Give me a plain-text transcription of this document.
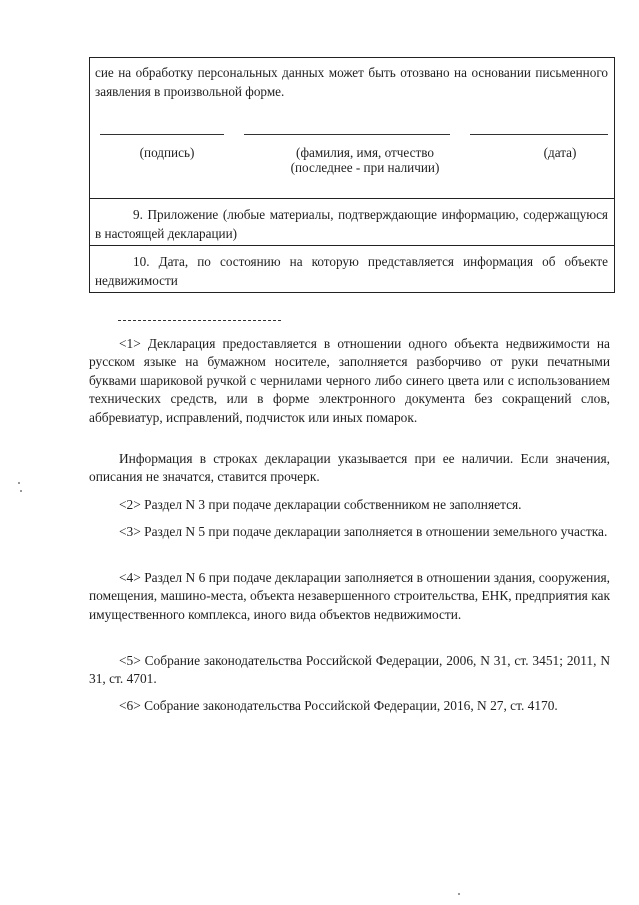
сие на обработку персональных данных может быть отозвано на основании письменного заявления в произвольной форме.
(подпись)	(фамилия, имя, отчество (последнее - при наличии)
(дата)
9. Приложение (любые материалы, подтверждающие информацию, содержащуюся в настоящей декларации)
10. Дата, по состоянию на которую представляется информация об объекте недвижимости
<1> Декларация предоставляется в отношении одного объекта недвижимости на русском языке на бумажном носителе, заполняется разборчиво от руки печатными буквами шариковой ручкой с чернилами черного либо синего цвета или с использованием технических средств, или в форме электронного документа без сокращений слов, аббревиатур, исправлений, подчисток или иных помарок.
Информация в строках декларации указывается при ее наличии. Если значения, описания не значатся, ставится прочерк.
<2> Раздел N 3 при подаче декларации собственником не заполняется.
<3> Раздел N 5 при подаче декларации заполняется в отношении земельного участка.
<4> Раздел N 6 при подаче декларации заполняется в отношении здания, сооружения, помещения, машино-места, объекта незавершенного строительства, ЕНК, предприятия как имущественного комплекса, иного вида объектов недвижимости.
<5> Собрание законодательства Российской Федерации, 2006, N 31, ст. 3451; 2011, N 31, ст. 4701.
<6> Собрание законодательства Российской Федерации, 2016, N 27, ст. 4170.
